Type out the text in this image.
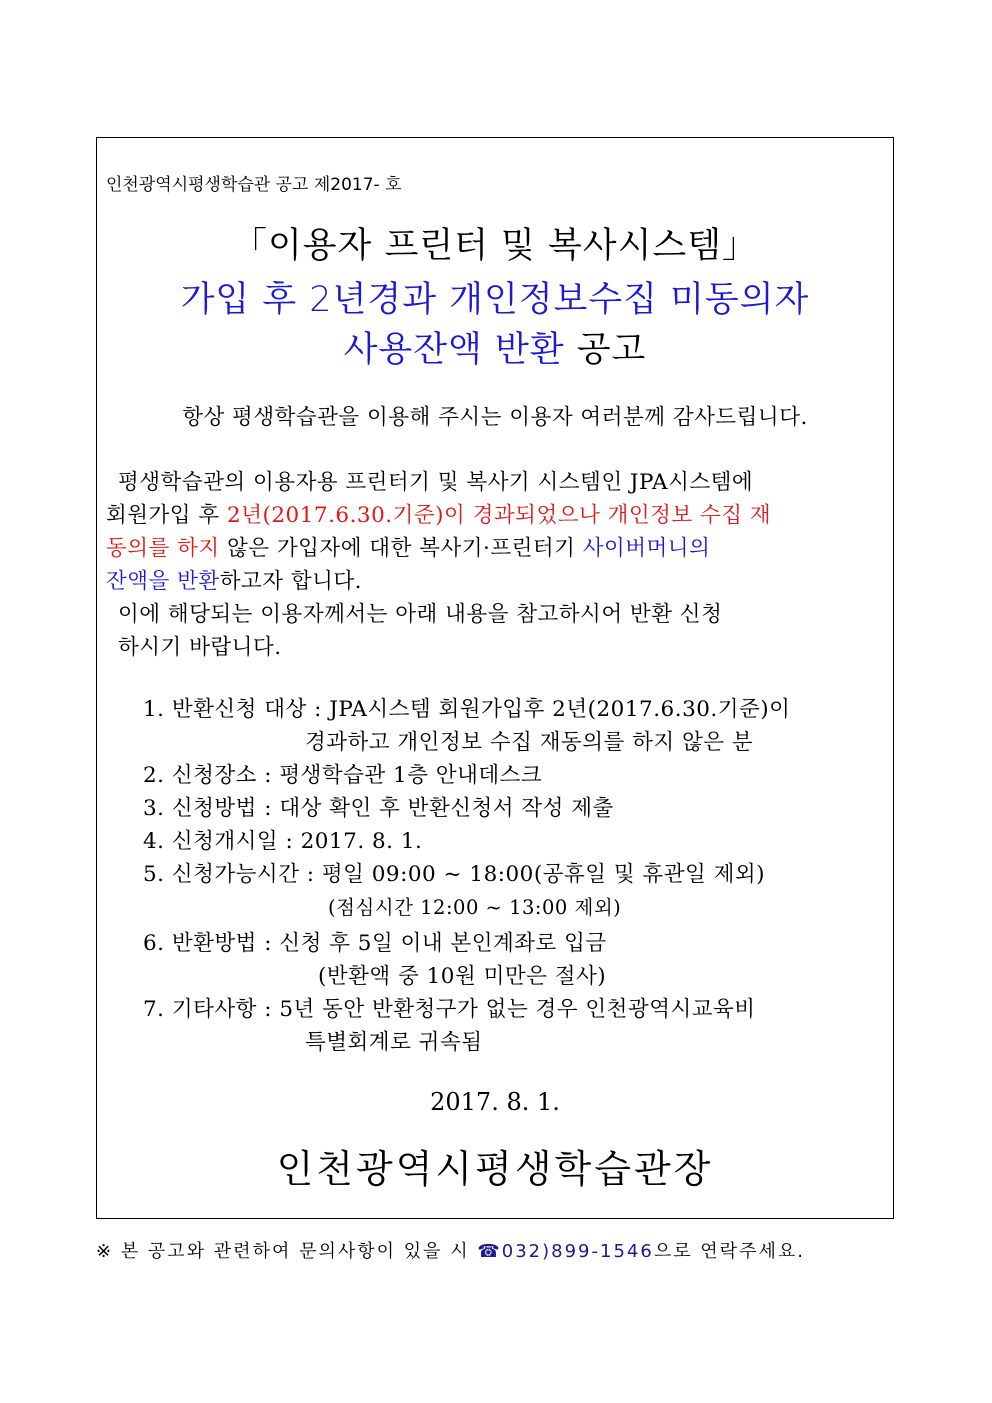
인천광역시평생학습관 공고 제2017- 호
「이용자 프린터 및 복사시스템」
가입 후 2년경과 개인정보수집 미동의자
사용잔액 반환 공고
항상 평생학습관을 이용해 주시는 이용자 여러분께 감사드립니다.
평생학습관의 이용자용 프린터기 및 복사기 시스템인 JPA시스템에
회원가입 후 2년(2017.6.30.기준)이 경과되었으나 개인정보 수집 재
동의를 하지 않은 가입자에 대한 복사기·프린터기 사이버머니의
잔액을 반환하고자 합니다.
이에 해당되는 이용자께서는 아래 내용을 참고하시어 반환 신청
하시기 바랍니다.
1. 반환신청 대상 : JPA시스템 회원가입후 2년(2017.6.30.기준)이
경과하고 개인정보 수집 재동의를 하지 않은 분
2. 신청장소 : 평생학습관 1층 안내데스크
3. 신청방법 : 대상 확인 후 반환신청서 작성 제출
4. 신청개시일 : 2017. 8. 1.
5. 신청가능시간 : 평일 09:00 ~ 18:00(공휴일 및 휴관일 제외)
(점심시간 12:00 ~ 13:00 제외)
6. 반환방법 : 신청 후 5일 이내 본인계좌로 입금
(반환액 중 10원 미만은 절사)
7. 기타사항 : 5년 동안 반환청구가 없는 경우 인천광역시교육비
특별회계로 귀속됨
2017. 8. 1.
인천광역시평생학습관장
※ 본 공고와 관련하여 문의사항이 있을 시 ☎032)899-1546으로 연락주세요.
